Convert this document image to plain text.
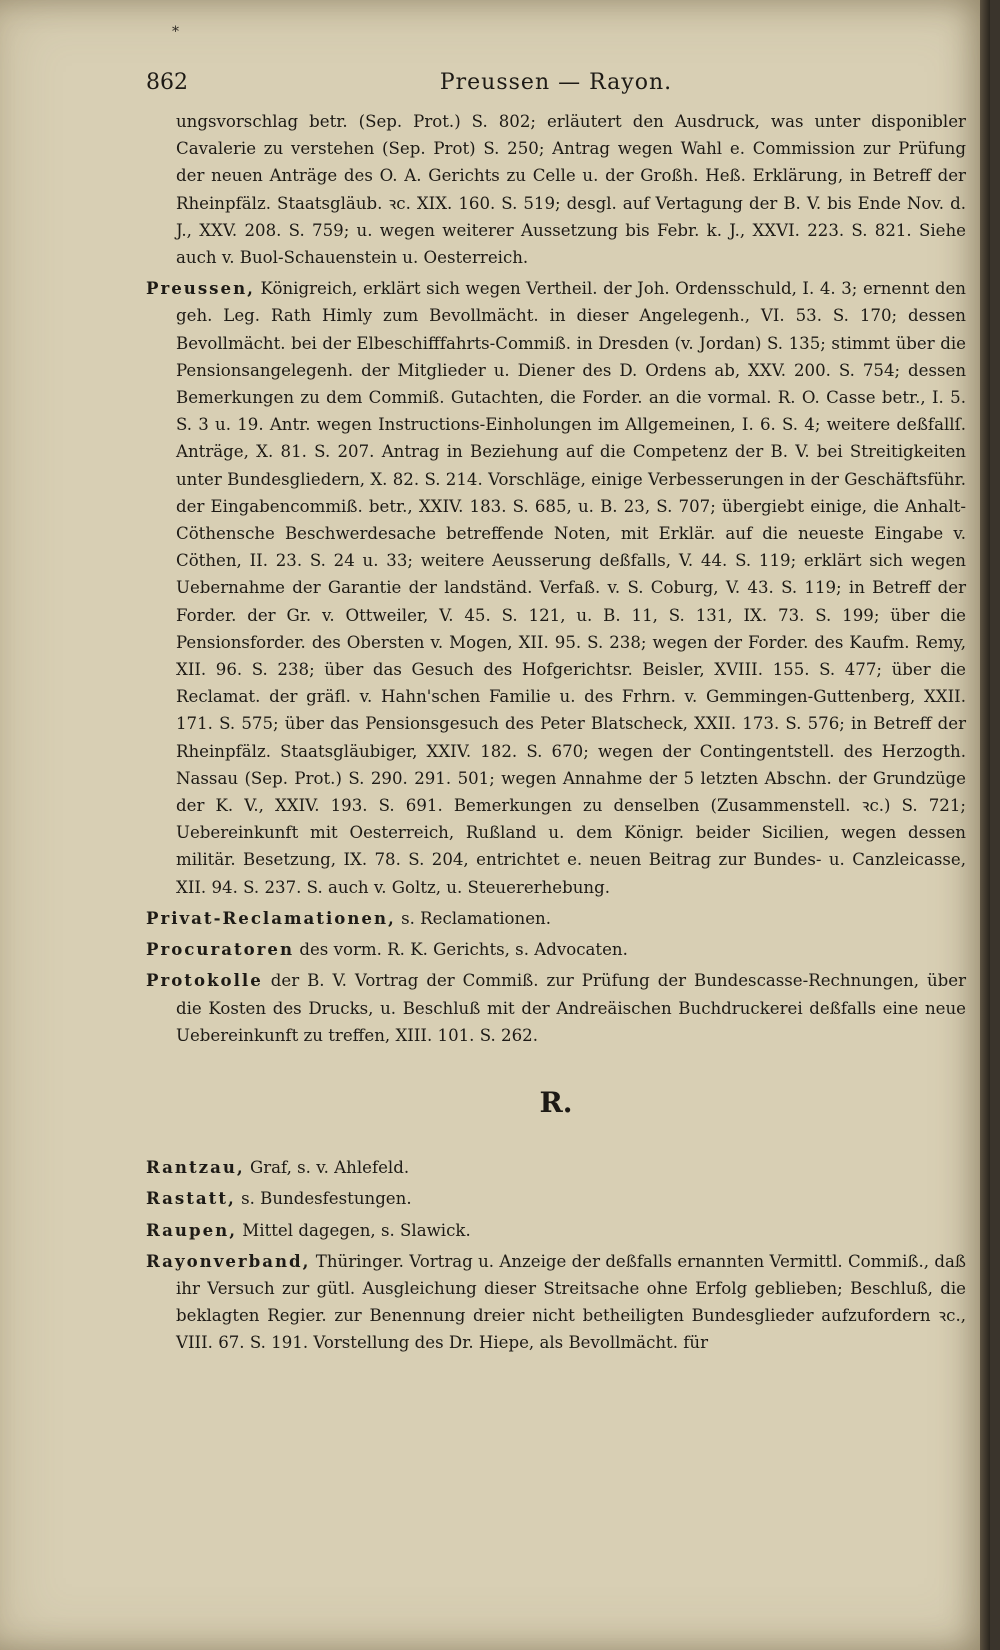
*
862	Preussen — Rayon.

ungsvorschlag betr. (Sep. Prot.) S. 802; erläutert den Ausdruck, was unter disponibler Cavalerie zu verstehen (Sep. Prot) S. 250; Antrag wegen Wahl e. Commission zur Prüfung der neuen Anträge des O. A. Gerichts zu Celle u. der Großh. Heß. Erklärung, in Betreff der Rheinpfälz. Staatsgläub. ꝛc. XIX. 160. S. 519; desgl. auf Vertagung der B. V. bis Ende Nov. d. J., XXV. 208. S. 759; u. wegen weiterer Aussetzung bis Febr. k. J., XXVI. 223. S. 821. Siehe auch v. Buol-Schauenstein u. Oesterreich.

Preussen, Königreich, erklärt sich wegen Vertheil. der Joh. Ordensschuld, I. 4. 3; ernennt den geh. Leg. Rath Himly zum Bevollmächt. in dieser Angelegenh., VI. 53. S. 170; dessen Bevollmächt. bei der Elbeschifffahrts-Commiß. in Dresden (v. Jordan) S. 135; stimmt über die Pensionsangelegenh. der Mitglieder u. Diener des D. Ordens ab, XXV. 200. S. 754; dessen Bemerkungen zu dem Commiß. Gutachten, die Forder. an die vormal. R. O. Casse betr., I. 5. S. 3 u. 19. Antr. wegen Instructions-Einholungen im Allgemeinen, I. 6. S. 4; weitere deßfallſ. Anträge, X. 81. S. 207. Antrag in Beziehung auf die Competenz der B. V. bei Streitigkeiten unter Bundesgliedern, X. 82. S. 214. Vorschläge, einige Verbesserungen in der Geschäftsführ. der Eingabencommiß. betr., XXIV. 183. S. 685, u. B. 23, S. 707; übergiebt einige, die Anhalt-Cöthensche Beschwerdesache betreffende Noten, mit Erklär. auf die neueste Eingabe v. Cöthen, II. 23. S. 24 u. 33; weitere Aeusserung deßfalls, V. 44. S. 119; erklärt sich wegen Uebernahme der Garantie der landständ. Verfaß. v. S. Coburg, V. 43. S. 119; in Betreff der Forder. der Gr. v. Ottweiler, V. 45. S. 121, u. B. 11, S. 131, IX. 73. S. 199; über die Pensionsforder. des Obersten v. Mogen, XII. 95. S. 238; wegen der Forder. des Kaufm. Remy, XII. 96. S. 238; über das Gesuch des Hofgerichtsr. Beisler, XVIII. 155. S. 477; über die Reclamat. der gräfl. v. Hahn'schen Familie u. des Frhrn. v. Gemmingen-Guttenberg, XXII. 171. S. 575; über das Pensionsgesuch des Peter Blatscheck, XXII. 173. S. 576; in Betreff der Rheinpfälz. Staatsgläubiger, XXIV. 182. S. 670; wegen der Contingentstell. des Herzogth. Nassau (Sep. Prot.) S. 290. 291. 501; wegen Annahme der 5 letzten Abschn. der Grundzüge der K. V., XXIV. 193. S. 691. Bemerkungen zu denselben (Zusammenstell. ꝛc.) S. 721; Uebereinkunft mit Oesterreich, Rußland u. dem Königr. beider Sicilien, wegen dessen militär. Besetzung, IX. 78. S. 204, entrichtet e. neuen Beitrag zur Bundes- u. Canzleicasse, XII. 94. S. 237. S. auch v. Goltz, u. Steuererhebung.

Privat-Reclamationen, s. Reclamationen.

Procuratoren des vorm. R. K. Gerichts, s. Advocaten.

Protokolle der B. V. Vortrag der Commiß. zur Prüfung der Bundescasse-Rechnungen, über die Kosten des Drucks, u. Beschluß mit der Andreäischen Buchdruckerei deßfalls eine neue Uebereinkunft zu treffen, XIII. 101. S. 262.

R.

Rantzau, Graf, s. v. Ahlefeld.

Rastatt, s. Bundesfestungen.

Raupen, Mittel dagegen, s. Slawick.

Rayonverband, Thüringer. Vortrag u. Anzeige der deßfalls ernannten Vermittl. Commiß., daß ihr Versuch zur gütl. Ausgleichung dieser Streitsache ohne Erfolg geblieben; Beschluß, die beklagten Regier. zur Benennung dreier nicht betheiligten Bundesglieder aufzufordern ꝛc., VIII. 67. S. 191. Vorstellung des Dr. Hiepe, als Bevollmächt. für
